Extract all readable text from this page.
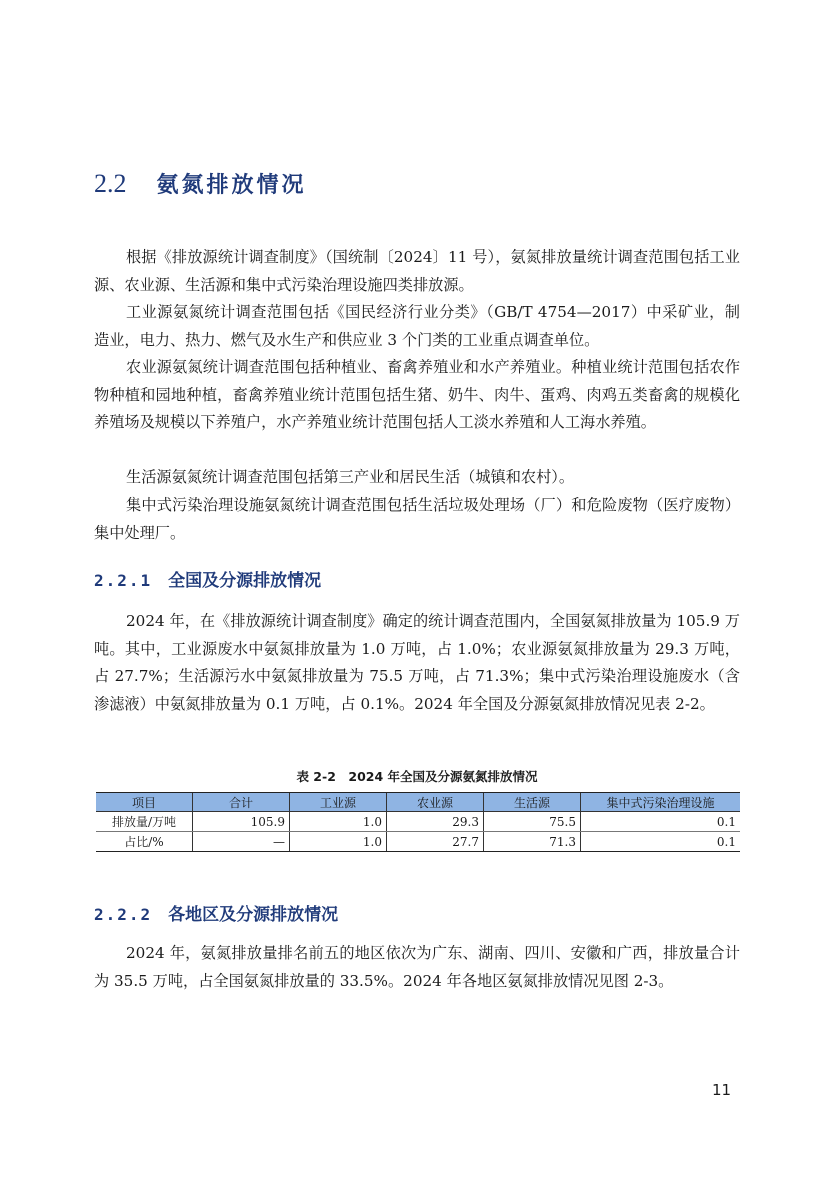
2.2 氨氮排放情况

根据《排放源统计调查制度》（国统制〔2024〕11 号），氨氮排放量统计调查范围包括工业源、农业源、生活源和集中式污染治理设施四类排放源。

工业源氨氮统计调查范围包括《国民经济行业分类》（GB/T 4754—2017）中采矿业，制造业，电力、热力、燃气及水生产和供应业 3 个门类的工业重点调查单位。

农业源氨氮统计调查范围包括种植业、畜禽养殖业和水产养殖业。种植业统计范围包括农作物种植和园地种植，畜禽养殖业统计范围包括生猪、奶牛、肉牛、蛋鸡、肉鸡五类畜禽的规模化养殖场及规模以下养殖户，水产养殖业统计范围包括人工淡水养殖和人工海水养殖。

生活源氨氮统计调查范围包括第三产业和居民生活（城镇和农村）。

集中式污染治理设施氨氮统计调查范围包括生活垃圾处理场（厂）和危险废物（医疗废物）集中处理厂。

2.2.1 全国及分源排放情况

2024 年，在《排放源统计调查制度》确定的统计调查范围内，全国氨氮排放量为 105.9 万吨。其中，工业源废水中氨氮排放量为 1.0 万吨，占 1.0%；农业源氨氮排放量为 29.3 万吨，占 27.7%；生活源污水中氨氮排放量为 75.5 万吨，占 71.3%；集中式污染治理设施废水（含渗滤液）中氨氮排放量为 0.1 万吨，占 0.1%。2024 年全国及分源氨氮排放情况见表 2-2。

表 2-2　2024 年全国及分源氨氮排放情况
项目	合计	工业源	农业源	生活源	集中式污染治理设施
排放量/万吨	105.9	1.0	29.3	75.5	0.1
占比/%	—	1.0	27.7	71.3	0.1
2.2.2 各地区及分源排放情况

2024 年，氨氮排放量排名前五的地区依次为广东、湖南、四川、安徽和广西，排放量合计为 35.5 万吨，占全国氨氮排放量的 33.5%。2024 年各地区氨氮排放情况见图 2-3。

11
